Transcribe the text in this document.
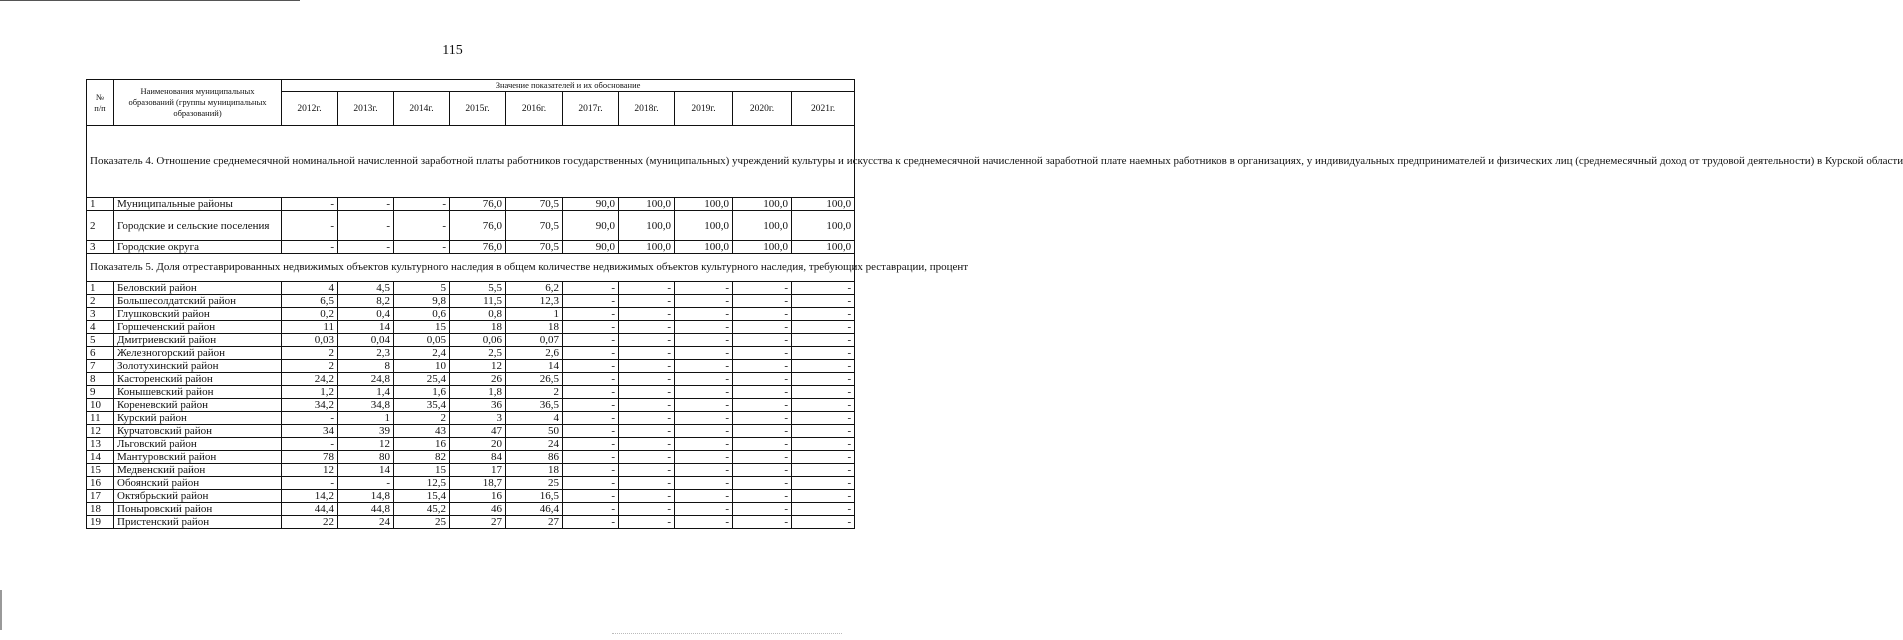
115
№
п/п	Наименования муниципальных образований (группы муниципальных образований)	Значение показателей и их обоснование									
		2012г.	2013г.	2014г.	2015г.	2016г.	2017г.	2018г.	2019г.	2020г.	2021г.
Показатель 4. Отношение среднемесячной номинальной начисленной заработной платы работников государственных (муниципальных) учреждений культуры и искусства к среднемесячной начисленной заработной плате наемных работников в организациях, у индивидуальных предпринимателей и физических лиц (среднемесячный доход от трудовой деятельности) в Курской области											
1	Муниципальные районы	-	-	-	76,0	70,5	90,0	100,0	100,0	100,0	100,0
2	Городские и сельские поселения	-	-	-	76,0	70,5	90,0	100,0	100,0	100,0	100,0
3	Городские округа	-	-	-	76,0	70,5	90,0	100,0	100,0	100,0	100,0
Показатель 5. Доля отреставрированных недвижимых объектов культурного наследия в общем количестве недвижимых объектов культурного наследия, требующих реставрации, процент											
1	Беловский район	4	4,5	5	5,5	6,2	-	-	-	-	-
2	Большесолдатский район	6,5	8,2	9,8	11,5	12,3	-	-	-	-	-
3	Глушковский район	0,2	0,4	0,6	0,8	1	-	-	-	-	-
4	Горшеченский район	11	14	15	18	18	-	-	-	-	-
5	Дмитриевский район	0,03	0,04	0,05	0,06	0,07	-	-	-	-	-
6	Железногорский район	2	2,3	2,4	2,5	2,6	-	-	-	-	-
7	Золотухинский район	2	8	10	12	14	-	-	-	-	-
8	Касторенский район	24,2	24,8	25,4	26	26,5	-	-	-	-	-
9	Конышевский район	1,2	1,4	1,6	1,8	2	-	-	-	-	-
10	Кореневский район	34,2	34,8	35,4	36	36,5	-	-	-	-	-
11	Курский район	-	1	2	3	4	-	-	-	-	-
12	Курчатовский район	34	39	43	47	50	-	-	-	-	-
13	Льговский район	-	12	16	20	24	-	-	-	-	-
14	Мантуровский район	78	80	82	84	86	-	-	-	-	-
15	Медвенский район	12	14	15	17	18	-	-	-	-	-
16	Обоянский район	-	-	12,5	18,7	25	-	-	-	-	-
17	Октябрьский район	14,2	14,8	15,4	16	16,5	-	-	-	-	-
18	Поныровский район	44,4	44,8	45,2	46	46,4	-	-	-	-	-
19	Пристенский район	22	24	25	27	27	-	-	-	-	-
